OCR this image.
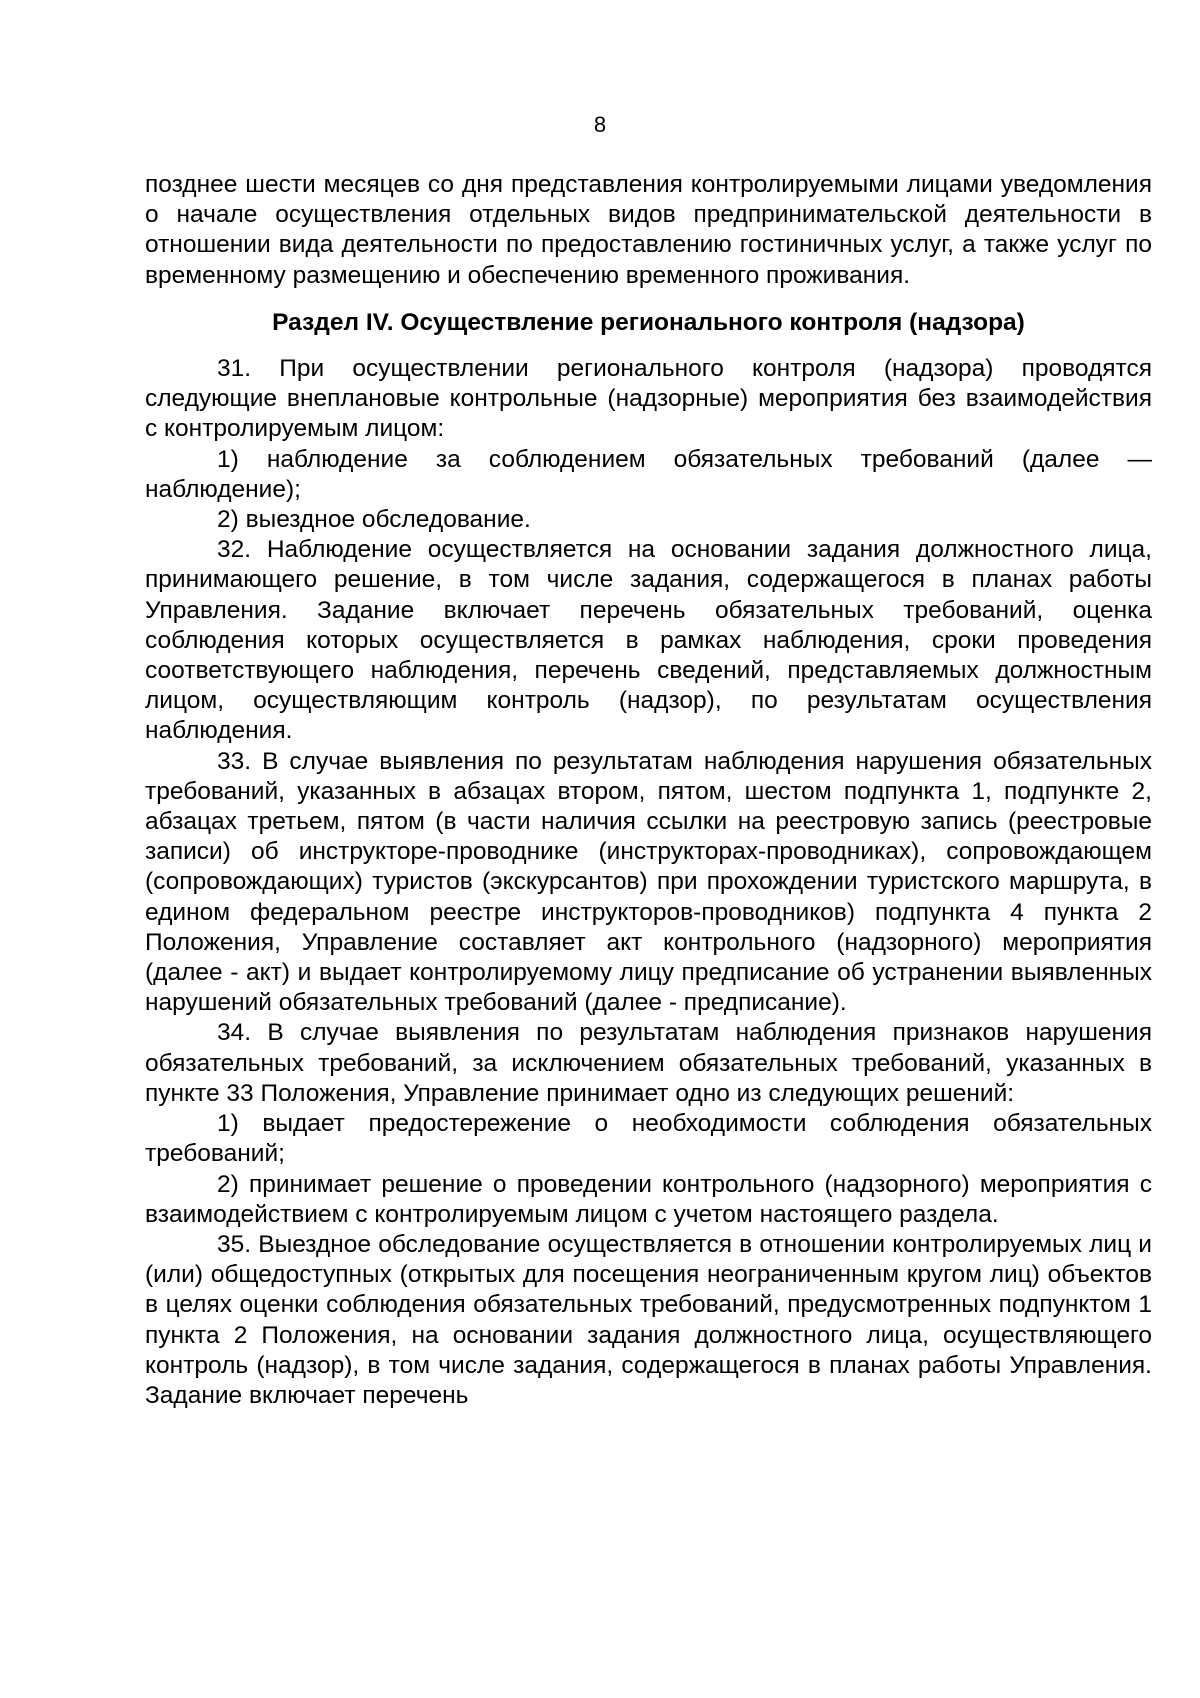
8

позднее шести месяцев со дня представления контролируемыми лицами уведомления о начале осуществления отдельных видов предпринимательской деятельности в отношении вида деятельности по предоставлению гостиничных услуг, а также услуг по временному размещению и обеспечению временного проживания.

Раздел IV. Осуществление регионального контроля (надзора)

31. При осуществлении регионального контроля (надзора) проводятся следующие внеплановые контрольные (надзорные) мероприятия без взаимодействия с контролируемым лицом:

1) наблюдение за соблюдением обязательных требований (далее — наблюдение);

2) выездное обследование.

32. Наблюдение осуществляется на основании задания должностного лица, принимающего решение, в том числе задания, содержащегося в планах работы Управления. Задание включает перечень обязательных требований, оценка соблюдения которых осуществляется в рамках наблюдения, сроки проведения соответствующего наблюдения, перечень сведений, представляемых должностным лицом, осуществляющим контроль (надзор), по результатам осуществления наблюдения.

33. В случае выявления по результатам наблюдения нарушения обязательных требований, указанных в абзацах втором, пятом, шестом подпункта 1, подпункте 2, абзацах третьем, пятом (в части наличия ссылки на реестровую запись (реестровые записи) об инструкторе-проводнике (инструкторах-проводниках), сопровождающем (сопровождающих) туристов (экскурсантов) при прохождении туристского маршрута, в едином федеральном реестре инструкторов-проводников) подпункта 4 пункта 2 Положения, Управление составляет акт контрольного (надзорного) мероприятия (далее - акт) и выдает контролируемому лицу предписание об устранении выявленных нарушений обязательных требований (далее - предписание).

34. В случае выявления по результатам наблюдения признаков нарушения обязательных требований, за исключением обязательных требований, указанных в пункте 33 Положения, Управление принимает одно из следующих решений:

1) выдает предостережение о необходимости соблюдения обязательных требований;

2) принимает решение о проведении контрольного (надзорного) мероприятия с взаимодействием с контролируемым лицом с учетом настоящего раздела.

35. Выездное обследование осуществляется в отношении контролируемых лиц и (или) общедоступных (открытых для посещения неограниченным кругом лиц) объектов в целях оценки соблюдения обязательных требований, предусмотренных подпунктом 1 пункта 2 Положения, на основании задания должностного лица, осуществляющего контроль (надзор), в том числе задания, содержащегося в планах работы Управления. Задание включает перечень
